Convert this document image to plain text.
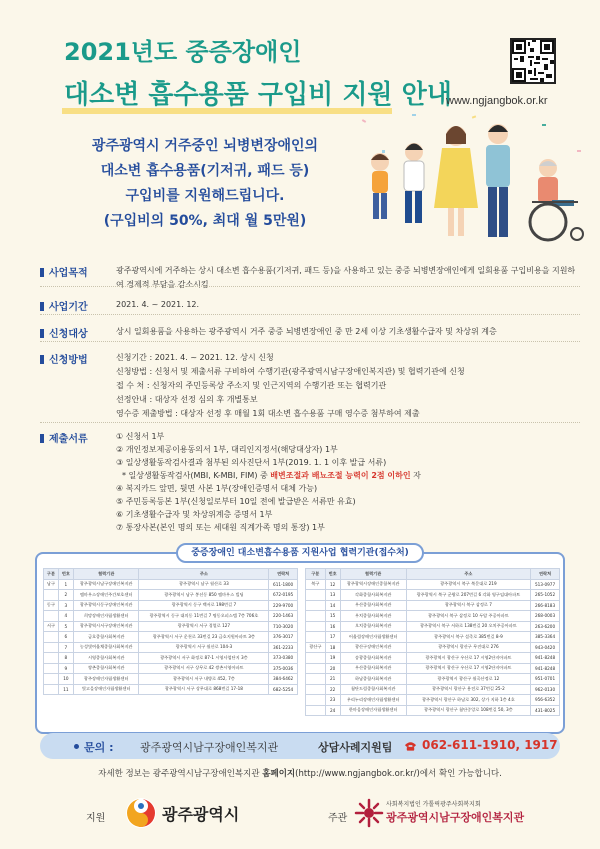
2021년도 중증장애인
대소변 흡수용품 구입비 지원 안내
www.ngjangbok.or.kr
광주광역시 거주중인 뇌병변장애인의
대소변 흡수용품(기저귀, 패드 등)
구입비를 지원해드립니다.
(구입비의 50%, 최대 월 5만원)
사업목적	광주광역시에 거주하는 상시 대소변 흡수용품(기저귀, 패드 등)을 사용하고 있는 중증 뇌병변장애인에게 일회용품 구입비용을 지원하여 경제적 부담을 감소시킴
사업기간	2021. 4. ~ 2021. 12.
신청대상	상시 일회용품을 사용하는 광주광역시 거주 중증 뇌병변장애인 중 만 2세 이상 기초생활수급자 및 차상위 계층
신청방법	신청기간 : 2021. 4. ~ 2021. 12. 상시 신청
신청방법 : 신청서 및 제출서류 구비하여 수행기관(광주광역시남구장애인복지관) 및 협력기관에 신청
접 수 처 : 신청자의 주민등록상 주소지 및 인근지역의 수행기관 또는 협력기관
선정안내 : 대상자 선정 심의 후 개별통보
영수증 제출방법 : 대상자 선정 후 매월 1회 대소변 흡수용품 구매 영수증 첨부하여 제출
제출서류	① 신청서 1부
② 개인정보제공이용동의서 1부, 대리인지정서(해당대상자) 1부
③ 일상생활동작검사결과 첨부된 의사진단서 1부(2019. 1. 1 이후 발급 서류)
* 일상생활동작검사(MBI, K-MBI, FIM) 중 배변조절과 배뇨조절 능력이 2점 이하인 자
④ 복지카드 앞면, 뒷면 사본 1부(장애인증명서 대체 가능)
⑤ 주민등록등본 1부(신청일로부터 10일 전에 발급받은 서류만 유효)
⑥ 기초생활수급자 및 차상위계층 증명서 1부
⑦ 통장사본(본인 명의 또는 세대원 직계가족 명의 통장) 1부
구분	번호	협력기관	주소	연락처
남구	1	광주광역시남구장애인복지관	광주광역시 남구 월산로 33	611-1800
	2	엠마우스장애인주간보호센터	광주광역시 남구 봉선동 850 엠마우스 빌딩	672-0195
동구	3	광주광역시동구장애인복지관	광주광역시 동구 백서로 198번길 7	229-9700
	4	희망장애인자립생활센터	광주광역시 동구 대의동 11번길 7 명동오피스텔 7층 706호	220-1463
서구	5	광주광역시서구장애인복지관	광주광역시 서구 경열로 127	710-3020
	6	금호종합사회복지관	광주광역시 서구 운천로 33번길 23 금호지원아파트 3층	376-3017
	7	농성빛여울채종합사회복지관	광주광역시 서구 월산로 104-3	361-2233
	8	시영종합사회복지관	광주광역시 서구 화정로 87-1 시영사업단지 3층	373-0380
	9	쌍촌종합사회복지관	광주광역시 서구 상무로 42 쌍촌시영아파트	375-0036
	10	광주장애인자립생활센터	광주광역시 서구 내방로 452, 7층	384-6462
	11	빛고을장애인자립생활센터	광주광역시 서구 상무대로 868번길 17-18	682-5254
구분	번호	협력기관	주소	연락처
북구	12	광주광역시장애인종합복지관	광주광역시 북구 북문대로 219	513-0977
	13	각화종합사회복지관	광주광역시 북구 군왕로 207번길 6 각화 영구임대아파트	265-1052
	14	우산종합사회복지관	광주광역시 북구 삼정로 7	266-8183
	15	우치종합사회복지관	광주광역시 북구 삼정로 10 두암 주공아파트	268-0003
	16	오치종합사회복지관	광주광역시 북구 서하로 138번길 20 오치주공아파트	263-6200
	17	어울림장애인자립생활센터	광주광역시 북구 설죽로 385번길 8-9	385-3364
광산구	18	광산구장애인복지관	광주광역시 광산구 무진대로 276	943-0420
	19	송광종합사회복지관	광주광역시 광산구 우산로 17 시영2단지아파트	941-8248
	20	우산종합사회복지관	광주광역시 광산구 우산로 17 시영2단지아파트	941-8248
	21	하남종합사회복지관	광주광역시 광산구 월곡산정로 12	951-0701
	22	첨단드림종합사회복지관	광주광역시 광산구 용전로 37번길 25-2	962-0130
	23	우리누리장애인자립생활센터	광주광역시 광산구 하남로 302, 상가 지하 1층 4호	956-6352
	24	한마음장애인자립생활센터	광주광역시 광산구 첨단중앙로 108번길 50, 3층	431-8025
중증장애인 대소변흡수용품 지원사업 협력기관(접수처)
문의 : 광주광역시남구장애인복지관	상담사례지원팀 062-611-1910, 1917
자세한 정보는 광주광역시남구장애인복지관 홈페이지(http://www.ngjangbok.or.kr/)에서 확인 가능합니다.
지원	광주광역시	주관
사회복지법인 가톨릭광주사회복지회
광주광역시남구장애인복지관
